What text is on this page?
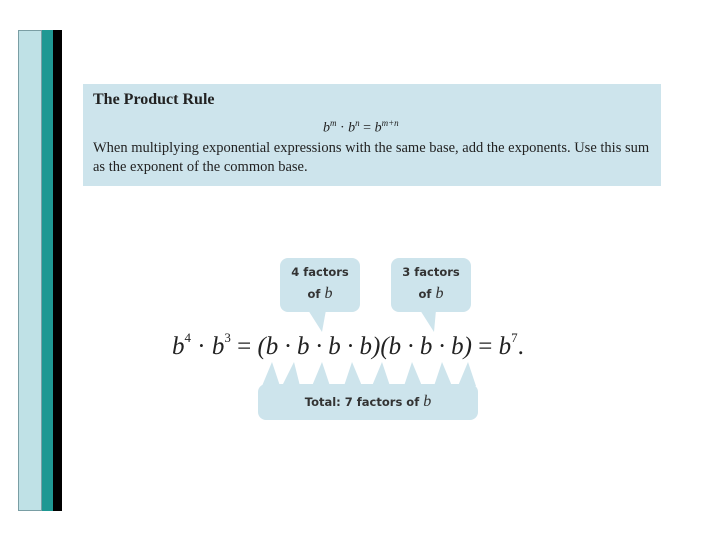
The Product Rule

$b^m \cdot b^n = b^{m+n}$
When multiplying exponential expressions with the same base, add the exponents. Use this sum as the exponent of the common base.
4 factors
of b
3 factors
of b
$b^4 \cdot b^3 = (b \cdot b \cdot b \cdot b)(b \cdot b \cdot b) = b^7$.
Total: 7 factors of b
